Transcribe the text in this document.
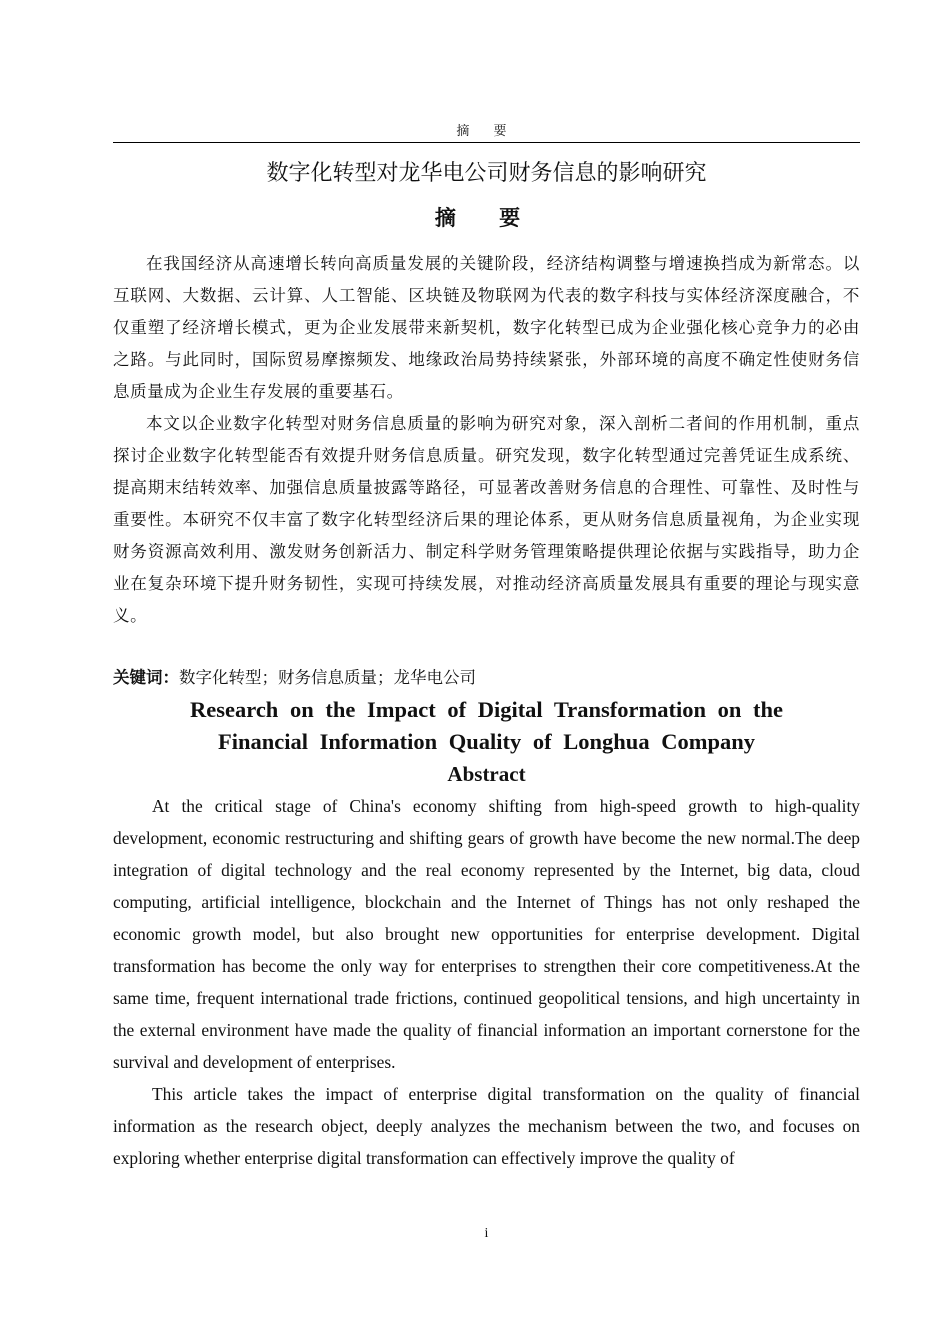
摘 要
数字化转型对龙华电公司财务信息的影响研究
摘 要

在我国经济从高速增长转向高质量发展的关键阶段，经济结构调整与增速换挡成为新常态。以互联网、大数据、云计算、人工智能、区块链及物联网为代表的数字科技与实体经济深度融合，不仅重塑了经济增长模式，更为企业发展带来新契机，数字化转型已成为企业强化核心竞争力的必由之路。与此同时，国际贸易摩擦频发、地缘政治局势持续紧张，外部环境的高度不确定性使财务信息质量成为企业生存发展的重要基石。

本文以企业数字化转型对财务信息质量的影响为研究对象，深入剖析二者间的作用机制，重点探讨企业数字化转型能否有效提升财务信息质量。研究发现，数字化转型通过完善凭证生成系统、提高期末结转效率、加强信息质量披露等路径，可显著改善财务信息的合理性、可靠性、及时性与重要性。本研究不仅丰富了数字化转型经济后果的理论体系，更从财务信息质量视角，为企业实现财务资源高效利用、激发财务创新活力、制定科学财务管理策略提供理论依据与实践指导，助力企业在复杂环境下提升财务韧性，实现可持续发展，对推动经济高质量发展具有重要的理论与现实意义。

关键词：数字化转型；财务信息质量；龙华电公司
Research on the Impact of Digital Transformation on the
Financial Information Quality of Longhua Company
Abstract

At the critical stage of China's economy shifting from high-speed growth to high-quality development, economic restructuring and shifting gears of growth have become the new normal.The deep integration of digital technology and the real economy represented by the Internet, big data, cloud computing, artificial intelligence, blockchain and the Internet of Things has not only reshaped the economic growth model, but also brought new opportunities for enterprise development. Digital transformation has become the only way for enterprises to strengthen their core competitiveness.At the same time, frequent international trade frictions, continued geopolitical tensions, and high uncertainty in the external environment have made the quality of financial information an important cornerstone for the survival and development of enterprises.

This article takes the impact of enterprise digital transformation on the quality of financial information as the research object, deeply analyzes the mechanism between the two, and focuses on exploring whether enterprise digital transformation can effectively improve the quality of

i
